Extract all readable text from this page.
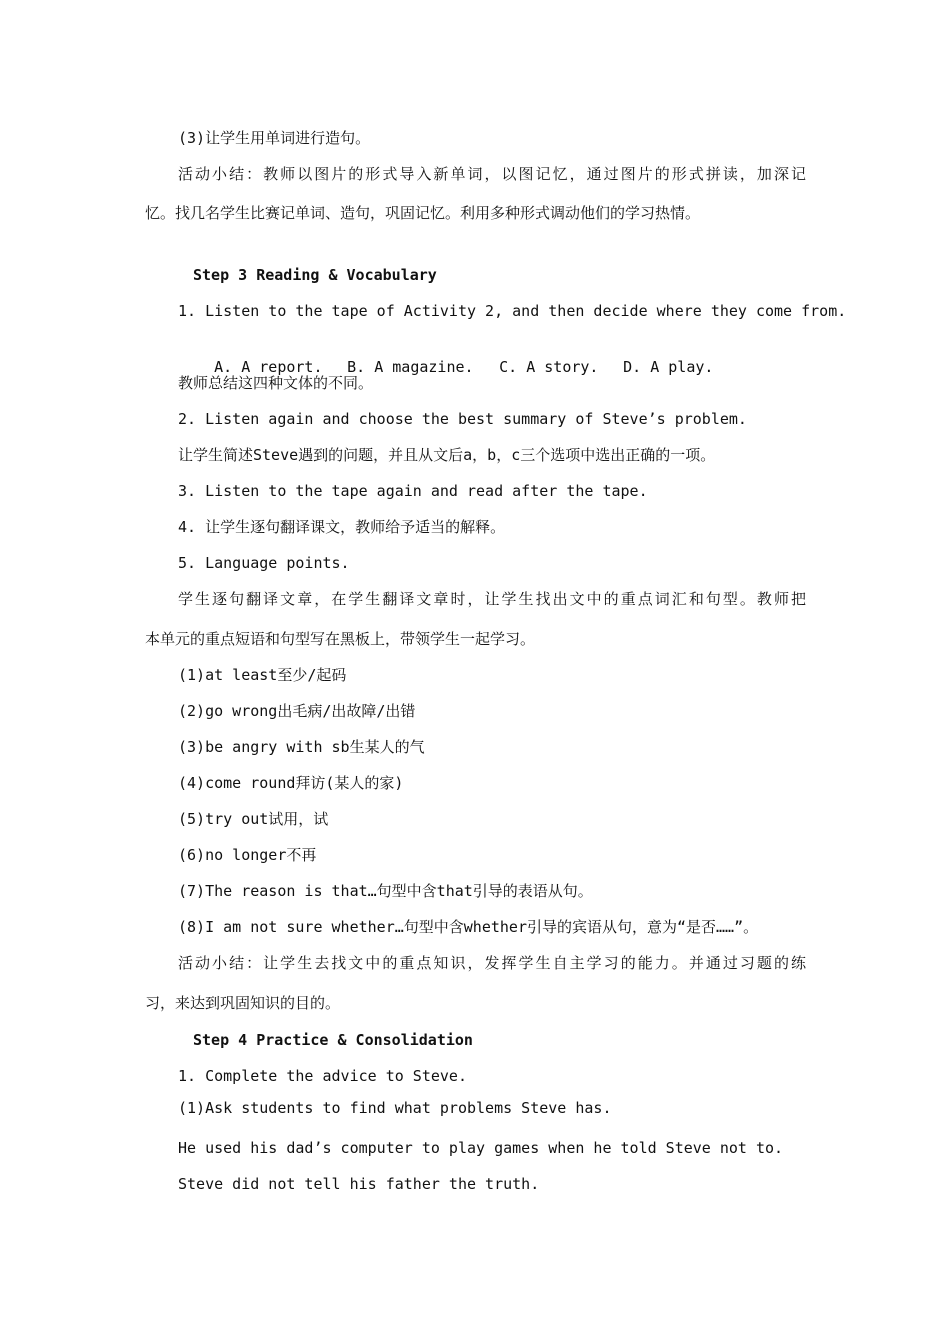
(3)让学生用单词进行造句。
活动小结：教师以图片的形式导入新单词，以图记忆，通过图片的形式拼读，加深记
忆。找几名学生比赛记单词、造句，巩固记忆。利用多种形式调动他们的学习热情。
Step 3 Reading & Vocabulary
1. Listen to the tape of Activity 2, and then decide where they come from.

A. A report. B. A magazine. C. A story. D. A play.

教师总结这四种文体的不同。
2. Listen again and choose the best summary of Steve’s problem.
让学生简述Steve遇到的问题，并且从文后a，b，c三个选项中选出正确的一项。
3. Listen to the tape again and read after the tape.
4. 让学生逐句翻译课文，教师给予适当的解释。
5. Language points.
学生逐句翻译文章，在学生翻译文章时，让学生找出文中的重点词汇和句型。教师把
本单元的重点短语和句型写在黑板上，带领学生一起学习。
(1)at least至少/起码
(2)go wrong出毛病/出故障/出错
(3)be angry with sb生某人的气
(4)come round拜访(某人的家)
(5)try out试用，试
(6)no longer不再
(7)The reason is that…句型中含that引导的表语从句。
(8)I am not sure whether…句型中含whether引导的宾语从句，意为“是否……”。
活动小结：让学生去找文中的重点知识，发挥学生自主学习的能力。并通过习题的练
习，来达到巩固知识的目的。
Step 4 Practice & Consolidation
1. Complete the advice to Steve.
(1)Ask students to find what problems Steve has.
He used his dad’s computer to play games when he told Steve not to.
Steve did not tell his father the truth.
